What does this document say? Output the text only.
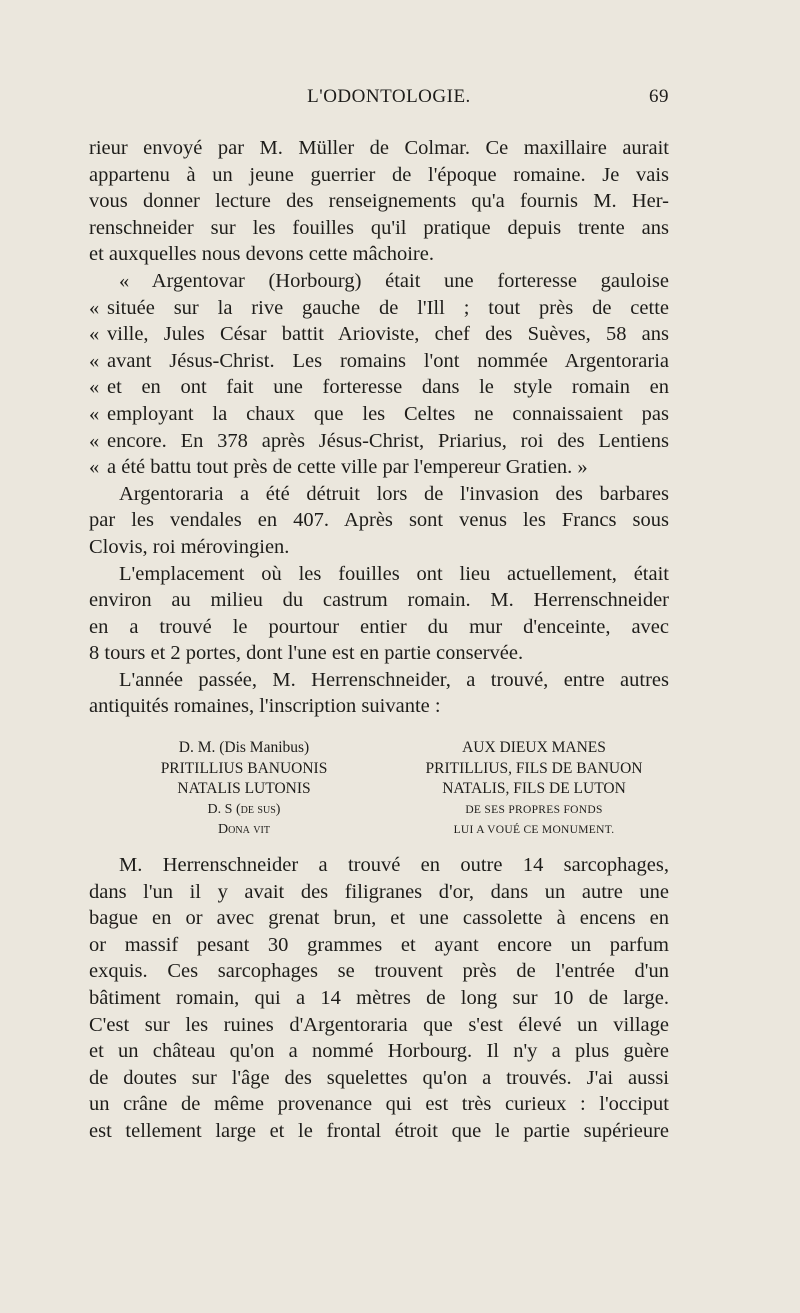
L'ODONTOLOGIE.	69
rieur envoyé par M. Müller de Colmar. Ce maxillaire aurait
appartenu à un jeune guerrier de l'époque romaine. Je vais
vous donner lecture des renseignements qu'a fournis M. Her-
renschneider sur les fouilles qu'il pratique depuis trente ans
et auxquelles nous devons cette mâchoire.
« Argentovar (Horbourg) était une forteresse gauloise
« située sur la rive gauche de l'Ill ; tout près de cette
« ville, Jules César battit Arioviste, chef des Suèves, 58 ans
« avant Jésus-Christ. Les romains l'ont nommée Argentoraria
« et en ont fait une forteresse dans le style romain en
« employant la chaux que les Celtes ne connaissaient pas
« encore. En 378 après Jésus-Christ, Priarius, roi des Lentiens
« a été battu tout près de cette ville par l'empereur Gratien. »
Argentoraria a été détruit lors de l'invasion des barbares
par les vendales en 407. Après sont venus les Francs sous
Clovis, roi mérovingien.
L'emplacement où les fouilles ont lieu actuellement, était
environ au milieu du castrum romain. M. Herrenschneider
en a trouvé le pourtour entier du mur d'enceinte, avec
8 tours et 2 portes, dont l'une est en partie conservée.
L'année passée, M. Herrenschneider, a trouvé, entre autres
antiquités romaines, l'inscription suivante :
D. M. (Dis Manibus)
PRITILLIUS BANUONIS
NATALIS LUTONIS
D. S (de sus)
Dona vit
AUX DIEUX MANES
PRITILLIUS, FILS DE BANUON
NATALIS, FILS DE LUTON
DE SES PROPRES FONDS
LUI A VOUÉ CE MONUMENT.
M. Herrenschneider a trouvé en outre 14 sarcophages,
dans l'un il y avait des filigranes d'or, dans un autre une
bague en or avec grenat brun, et une cassolette à encens en
or massif pesant 30 grammes et ayant encore un parfum
exquis. Ces sarcophages se trouvent près de l'entrée d'un
bâtiment romain, qui a 14 mètres de long sur 10 de large.
C'est sur les ruines d'Argentoraria que s'est élevé un village
et un château qu'on a nommé Horbourg. Il n'y a plus guère
de doutes sur l'âge des squelettes qu'on a trouvés. J'ai aussi
un crâne de même provenance qui est très curieux : l'occiput
est tellement large et le frontal étroit que le partie supérieure
